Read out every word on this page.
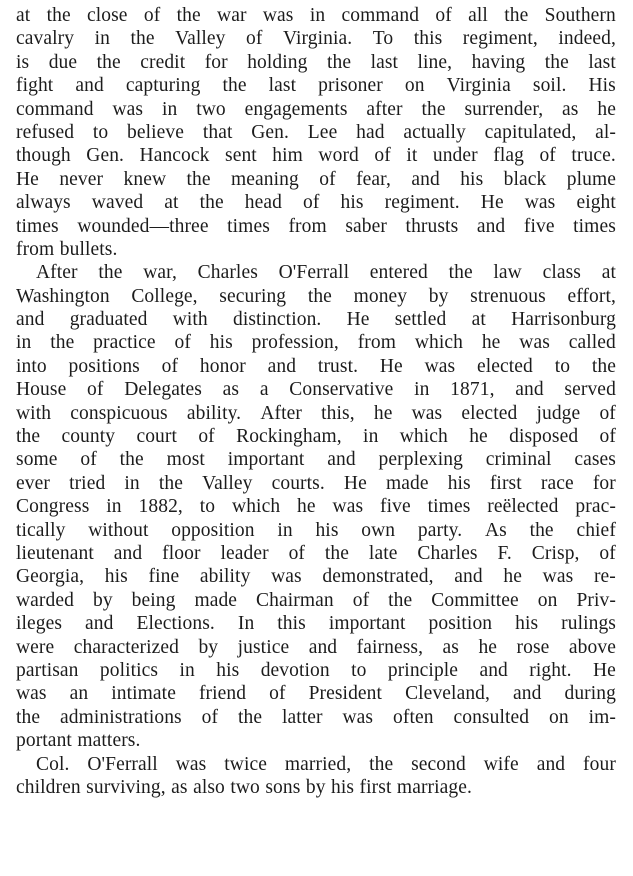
at the close of the war was in command of all the Southern
cavalry in the Valley of Virginia. To this regiment, indeed,
is due the credit for holding the last line, having the last
fight and capturing the last prisoner on Virginia soil. His
command was in two engagements after the surrender, as he
refused to believe that Gen. Lee had actually capitulated, al-
though Gen. Hancock sent him word of it under flag of truce.
He never knew the meaning of fear, and his black plume
always waved at the head of his regiment. He was eight
times wounded—three times from saber thrusts and five times
from bullets.
After the war, Charles O'Ferrall entered the law class at
Washington College, securing the money by strenuous effort,
and graduated with distinction. He settled at Harrisonburg
in the practice of his profession, from which he was called
into positions of honor and trust. He was elected to the
House of Delegates as a Conservative in 1871, and served
with conspicuous ability. After this, he was elected judge of
the county court of Rockingham, in which he disposed of
some of the most important and perplexing criminal cases
ever tried in the Valley courts. He made his first race for
Congress in 1882, to which he was five times reëlected prac-
tically without opposition in his own party. As the chief
lieutenant and floor leader of the late Charles F. Crisp, of
Georgia, his fine ability was demonstrated, and he was re-
warded by being made Chairman of the Committee on Priv-
ileges and Elections. In this important position his rulings
were characterized by justice and fairness, as he rose above
partisan politics in his devotion to principle and right. He
was an intimate friend of President Cleveland, and during
the administrations of the latter was often consulted on im-
portant matters.
Col. O'Ferrall was twice married, the second wife and four
children surviving, as also two sons by his first marriage.
